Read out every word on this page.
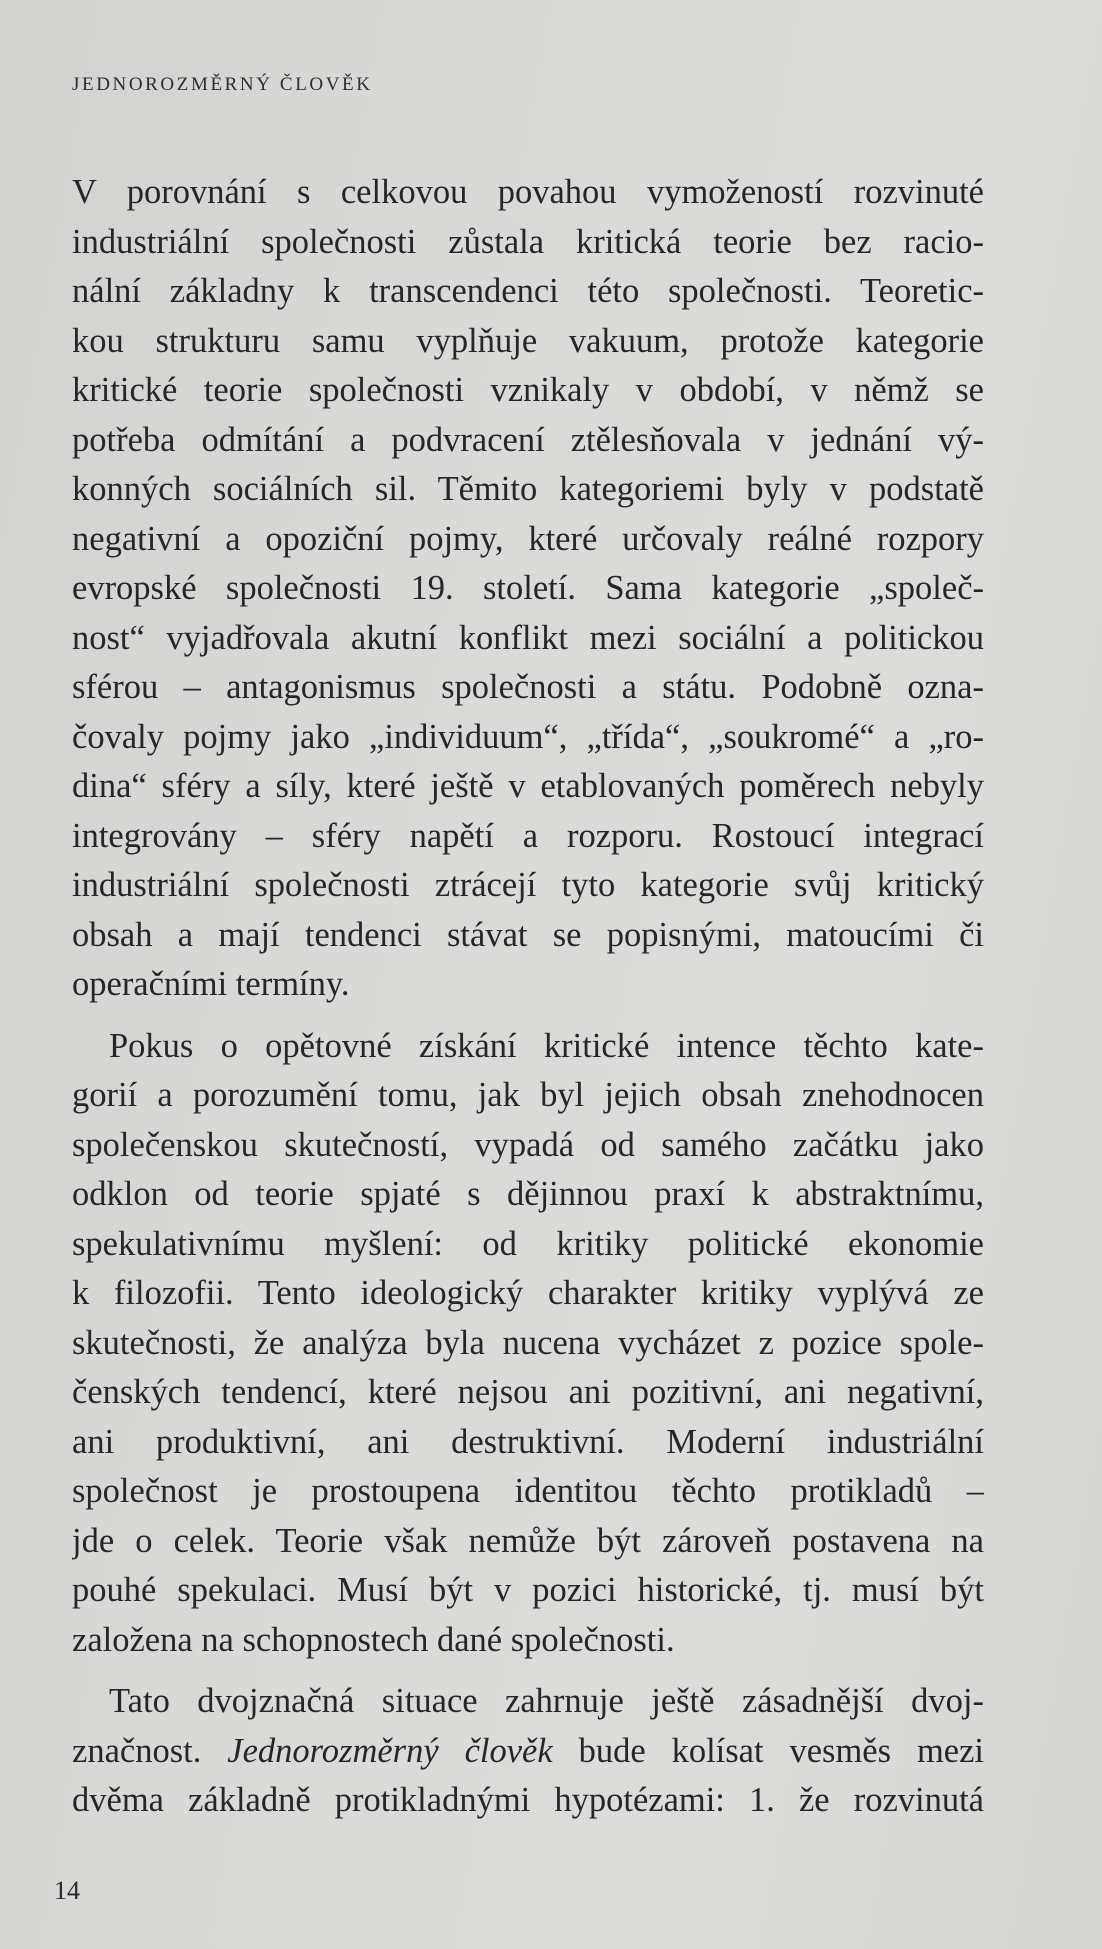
JEDNOROZMĚRNÝ ČLOVĚK
V porovnání s celkovou povahou vymožeností rozvinuté
industriální společnosti zůstala kritická teorie bez racio-
nální základny k transcendenci této společnosti. Teoretic-
kou strukturu samu vyplňuje vakuum, protože kategorie
kritické teorie společnosti vznikaly v období, v němž se
potřeba odmítání a podvracení ztělesňovala v jednání vý-
konných sociálních sil. Těmito kategoriemi byly v podstatě
negativní a opoziční pojmy, které určovaly reálné rozpory
evropské společnosti 19. století. Sama kategorie „společ-
nost“ vyjadřovala akutní konflikt mezi sociální a politickou
sférou – antagonismus společnosti a státu. Podobně ozna-
čovaly pojmy jako „individuum“, „třída“, „soukromé“ a „ro-
dina“ sféry a síly, které ještě v etablovaných poměrech nebyly
integrovány – sféry napětí a rozporu. Rostoucí integrací
industriální společnosti ztrácejí tyto kategorie svůj kritický
obsah a mají tendenci stávat se popisnými, matoucími či
operačními termíny.
Pokus o opětovné získání kritické intence těchto kate-
gorií a porozumění tomu, jak byl jejich obsah znehodnocen
společenskou skutečností, vypadá od samého začátku jako
odklon od teorie spjaté s dějinnou praxí k abstraktnímu,
spekulativnímu myšlení: od kritiky politické ekonomie
k filozofii. Tento ideologický charakter kritiky vyplývá ze
skutečnosti, že analýza byla nucena vycházet z pozice spole-
čenských tendencí, které nejsou ani pozitivní, ani negativní,
ani produktivní, ani destruktivní. Moderní industriální
společnost je prostoupena identitou těchto protikladů –
jde o celek. Teorie však nemůže být zároveň postavena na
pouhé spekulaci. Musí být v pozici historické, tj. musí být
založena na schopnostech dané společnosti.
Tato dvojznačná situace zahrnuje ještě zásadnější dvoj-
značnost. Jednorozměrný člověk bude kolísat vesměs mezi
dvěma základně protikladnými hypotézami: 1. že rozvinutá
14
